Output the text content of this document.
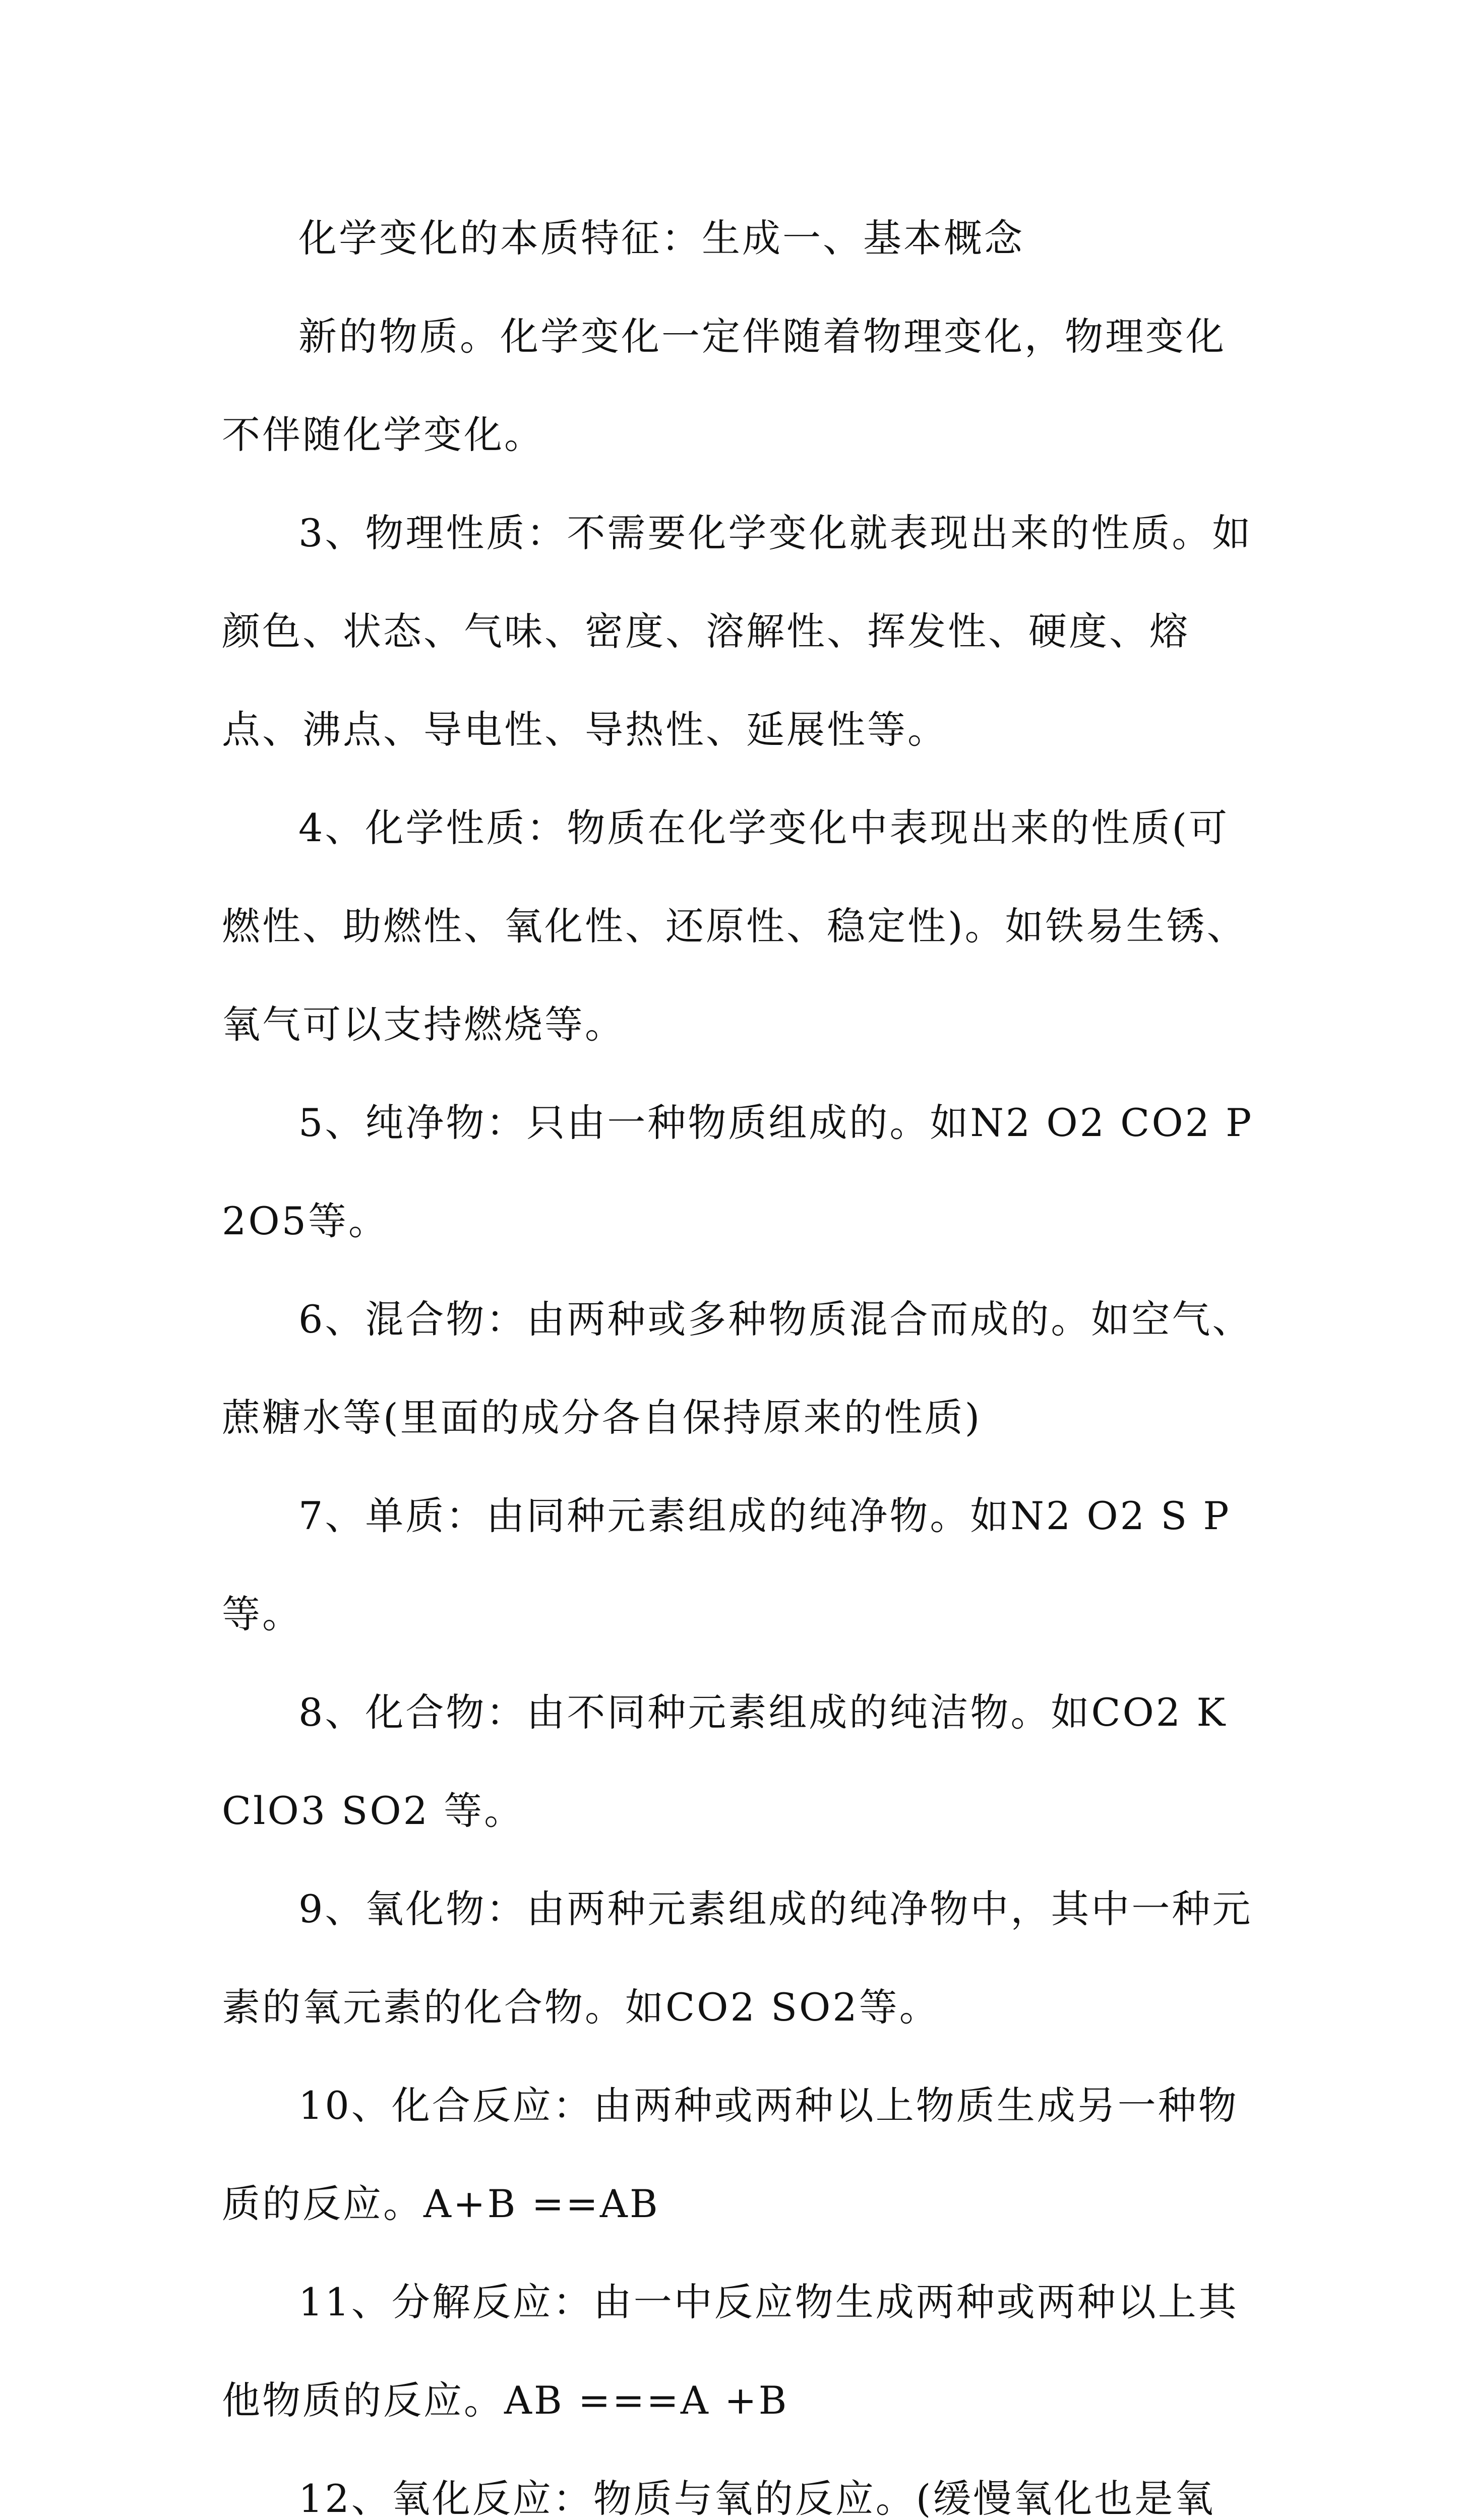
化学变化的本质特征：生成一、基本概念

新的物质。化学变化一定伴随着物理变化，物理变化不伴随化学变化。

3、物理性质：不需要化学变化就表现出来的性质。如颜色、状态、气味、密度、溶解性、挥发性、硬度、熔点、沸点、导电性、导热性、延展性等。

4、化学性质：物质在化学变化中表现出来的性质(可燃性、助燃性、氧化性、还原性、稳定性)。如铁易生锈、氧气可以支持燃烧等。

5、纯净物：只由一种物质组成的。如N2 O2 CO2 P2O5等。

6、混合物：由两种或多种物质混合而成的。如空气、蔗糖水等(里面的成分各自保持原来的性质)

7、单质：由同种元素组成的纯净物。如N2 O2 S P等。

8、化合物：由不同种元素组成的纯洁物。如CO2 KClO3 SO2 等。

9、氧化物：由两种元素组成的纯净物中，其中一种元素的氧元素的化合物。如CO2 SO2等。

10、化合反应：由两种或两种以上物质生成另一种物质的反应。A+B ==AB

11、分解反应：由一中反应物生成两种或两种以上其他物质的反应。AB ===A +B

12、氧化反应：物质与氧的反应。(缓慢氧化也是氧
